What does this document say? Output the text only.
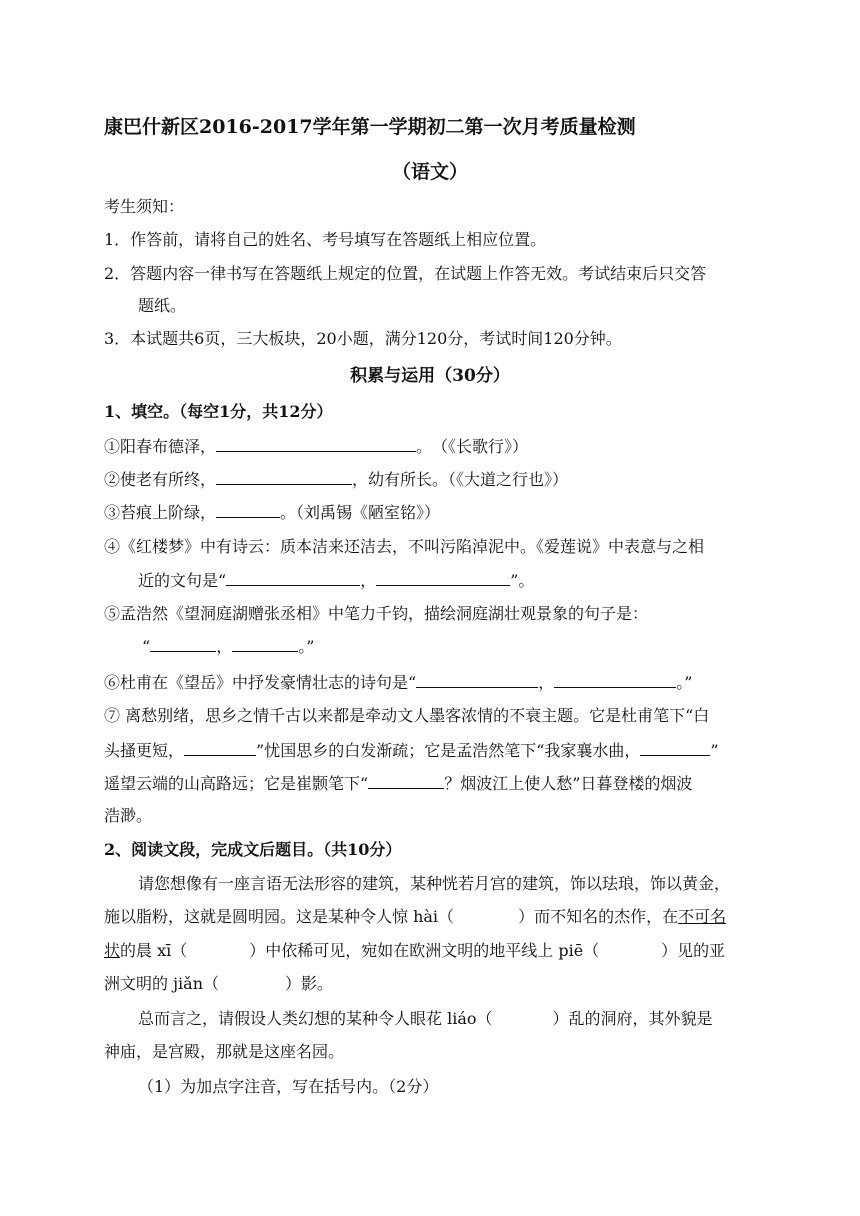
康巴什新区2016-2017学年第一学期初二第一次月考质量检测
（语文）
考生须知：
1．作答前，请将自己的姓名、考号填写在答题纸上相应位置。
2．答题内容一律书写在答题纸上规定的位置，在试题上作答无效。考试结束后只交答
题纸。
3．本试题共6页，三大板块，20小题，满分120分，考试时间120分钟。
积累与运用（30分）
1、填空。（每空1分，共12分）
①阳春布德泽，	。　（《长歌行》）
②使老有所终，	，幼有所长。（《大道之行也》）
③苔痕上阶绿，	。（刘禹锡《陋室铭》）
④《红楼梦》中有诗云：质本洁来还洁去，不叫污陷淖泥中。《爱莲说》中表意与之相
近的文句是“	，	”。
⑤孟浩然《望洞庭湖赠张丞相》中笔力千钧，描绘洞庭湖壮观景象的句子是：
“	，	。”
⑥杜甫在《望岳》中抒发豪情壮志的诗句是“	，	。”
⑦ 离愁别绪，思乡之情千古以来都是牵动文人墨客浓情的不衰主题。它是杜甫笔下“白
头搔更短，	”忧国思乡的白发渐疏；它是孟浩然笔下“我家襄水曲，	”
遥望云端的山高路远；它是崔颢笔下“	？烟波江上使人愁”日暮登楼的烟波
浩渺。
2、阅读文段，完成文后题目。（共10分）
请您想像有一座言语无法形容的建筑，某种恍若月宫的建筑，饰以珐琅，饰以黄金，
施以脂粉，这就是圆明园。这是某种令人惊 hài（	）而不知名的杰作，在不可名
状的晨 xī（	）中依稀可见，宛如在欧洲文明的地平线上 piē（	）见的亚
洲文明的 jiǎn（	）影。
总而言之，请假设人类幻想的某种令人眼花 liáo（	）乱的洞府，其外貌是
神庙，是宫殿，那就是这座名园。
（1）为加点字注音，写在括号内。（2分）
